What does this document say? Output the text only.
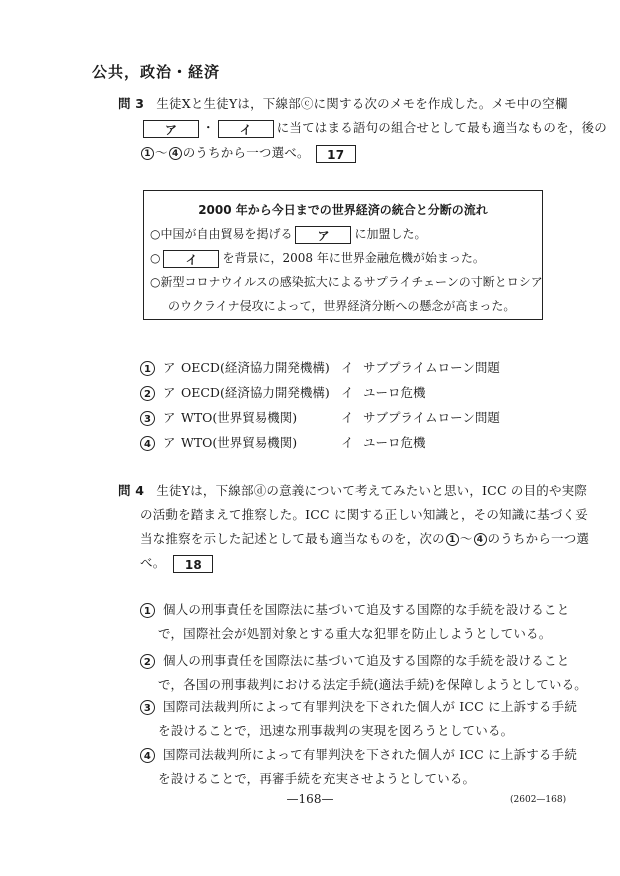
公共，政治・経済
問 3 生徒Xと生徒Yは，下線部ⓒに関する次のメモを作成した。メモ中の空欄
ア ・ イ に当てはまる語句の組合せとして最も適当なものを，後の
1 〜 4 のうちから一つ選べ。 17
2000 年から今日までの世界経済の統合と分断の流れ
○中国が自由貿易を掲げる ア に加盟した。
○ イ を背景に，2008 年に世界金融危機が始まった。
○新型コロナウイルスの感染拡大によるサプライチェーンの寸断とロシア
のウクライナ侵攻によって，世界経済分断への懸念が高まった。
1 ア OECD(経済協力開発機構) イ サブプライムローン問題
2 ア OECD(経済協力開発機構) イ ユーロ危機
3 ア WTO(世界貿易機関)	イ サブプライムローン問題
4 ア WTO(世界貿易機関)	イ ユーロ危機
問 4 生徒Yは，下線部ⓓの意義について考えてみたいと思い，ICC の目的や実際
の活動を踏まえて推察した。ICC に関する正しい知識と，その知識に基づく妥
当な推察を示した記述として最も適当なものを，次の 1 〜 4 のうちから一つ選
べ。 18
1 個人の刑事責任を国際法に基づいて追及する国際的な手続を設けること
で，国際社会が処罰対象とする重大な犯罪を防止しようとしている。
2 個人の刑事責任を国際法に基づいて追及する国際的な手続を設けること
で，各国の刑事裁判における法定手続(適法手続)を保障しようとしている。
3 国際司法裁判所によって有罪判決を下された個人が ICC に上訴する手続
を設けることで，迅速な刑事裁判の実現を図ろうとしている。
4 国際司法裁判所によって有罪判決を下された個人が ICC に上訴する手続
を設けることで，再審手続を充実させようとしている。
—168—	(2602—168)
